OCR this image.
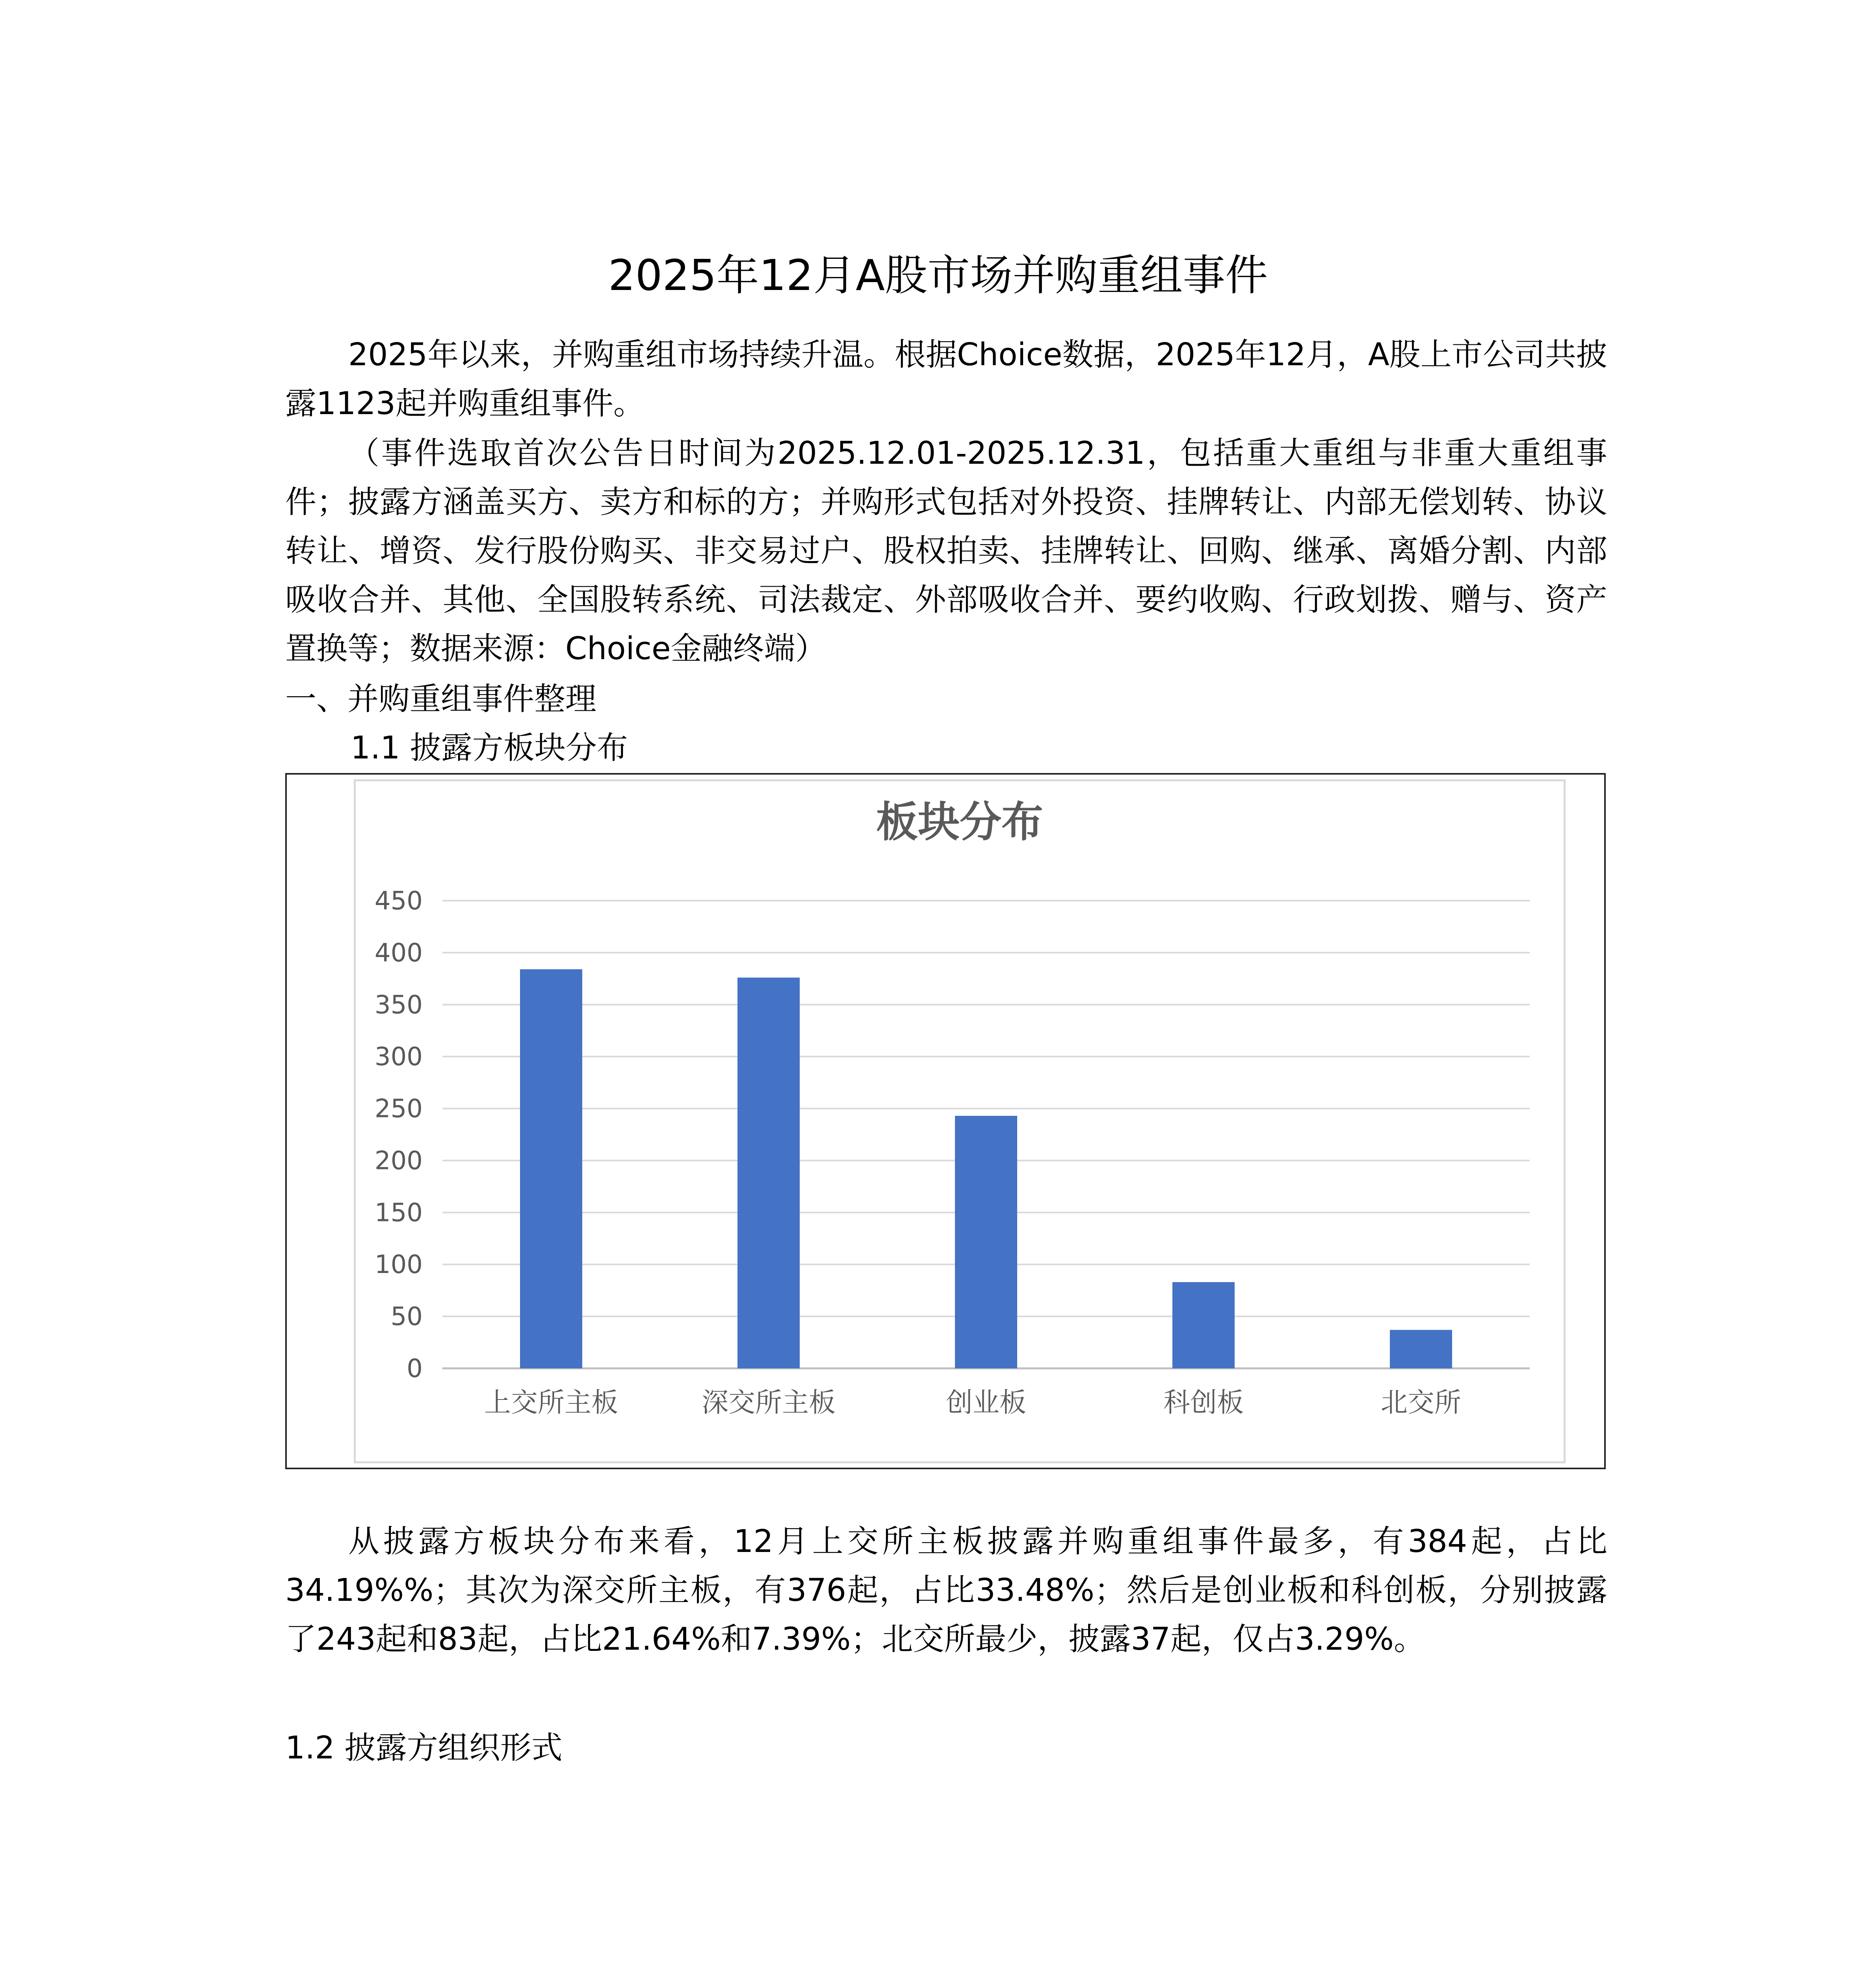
2025年12月A股市场并购重组事件

2025年以来，并购重组市场持续升温。根据Choice数据，2025年12月，A股上市公司共披露1123起并购重组事件。

（事件选取首次公告日时间为2025.12.01-2025.12.31，包括重大重组与非重大重组事件；披露方涵盖买方、卖方和标的方；并购形式包括对外投资、挂牌转让、内部无偿划转、协议转让、增资、发行股份购买、非交易过户、股权拍卖、挂牌转让、回购、继承、离婚分割、内部吸收合并、其他、全国股转系统、司法裁定、外部吸收合并、要约收购、行政划拨、赠与、资产置换等；数据来源：Choice金融终端）

一、并购重组事件整理

1.1 披露方板块分布

板块分布
0
50
100
150
200
250
300
350
400
450
上交所主板	深交所主板	创业板	科创板	北交所

从披露方板块分布来看，12月上交所主板披露并购重组事件最多，有384起，占比34.19%%；其次为深交所主板，有376起，占比33.48%；然后是创业板和科创板，分别披露了243起和83起，占比21.64%和7.39%；北交所最少，披露37起，仅占3.29%。

1.2 披露方组织形式
